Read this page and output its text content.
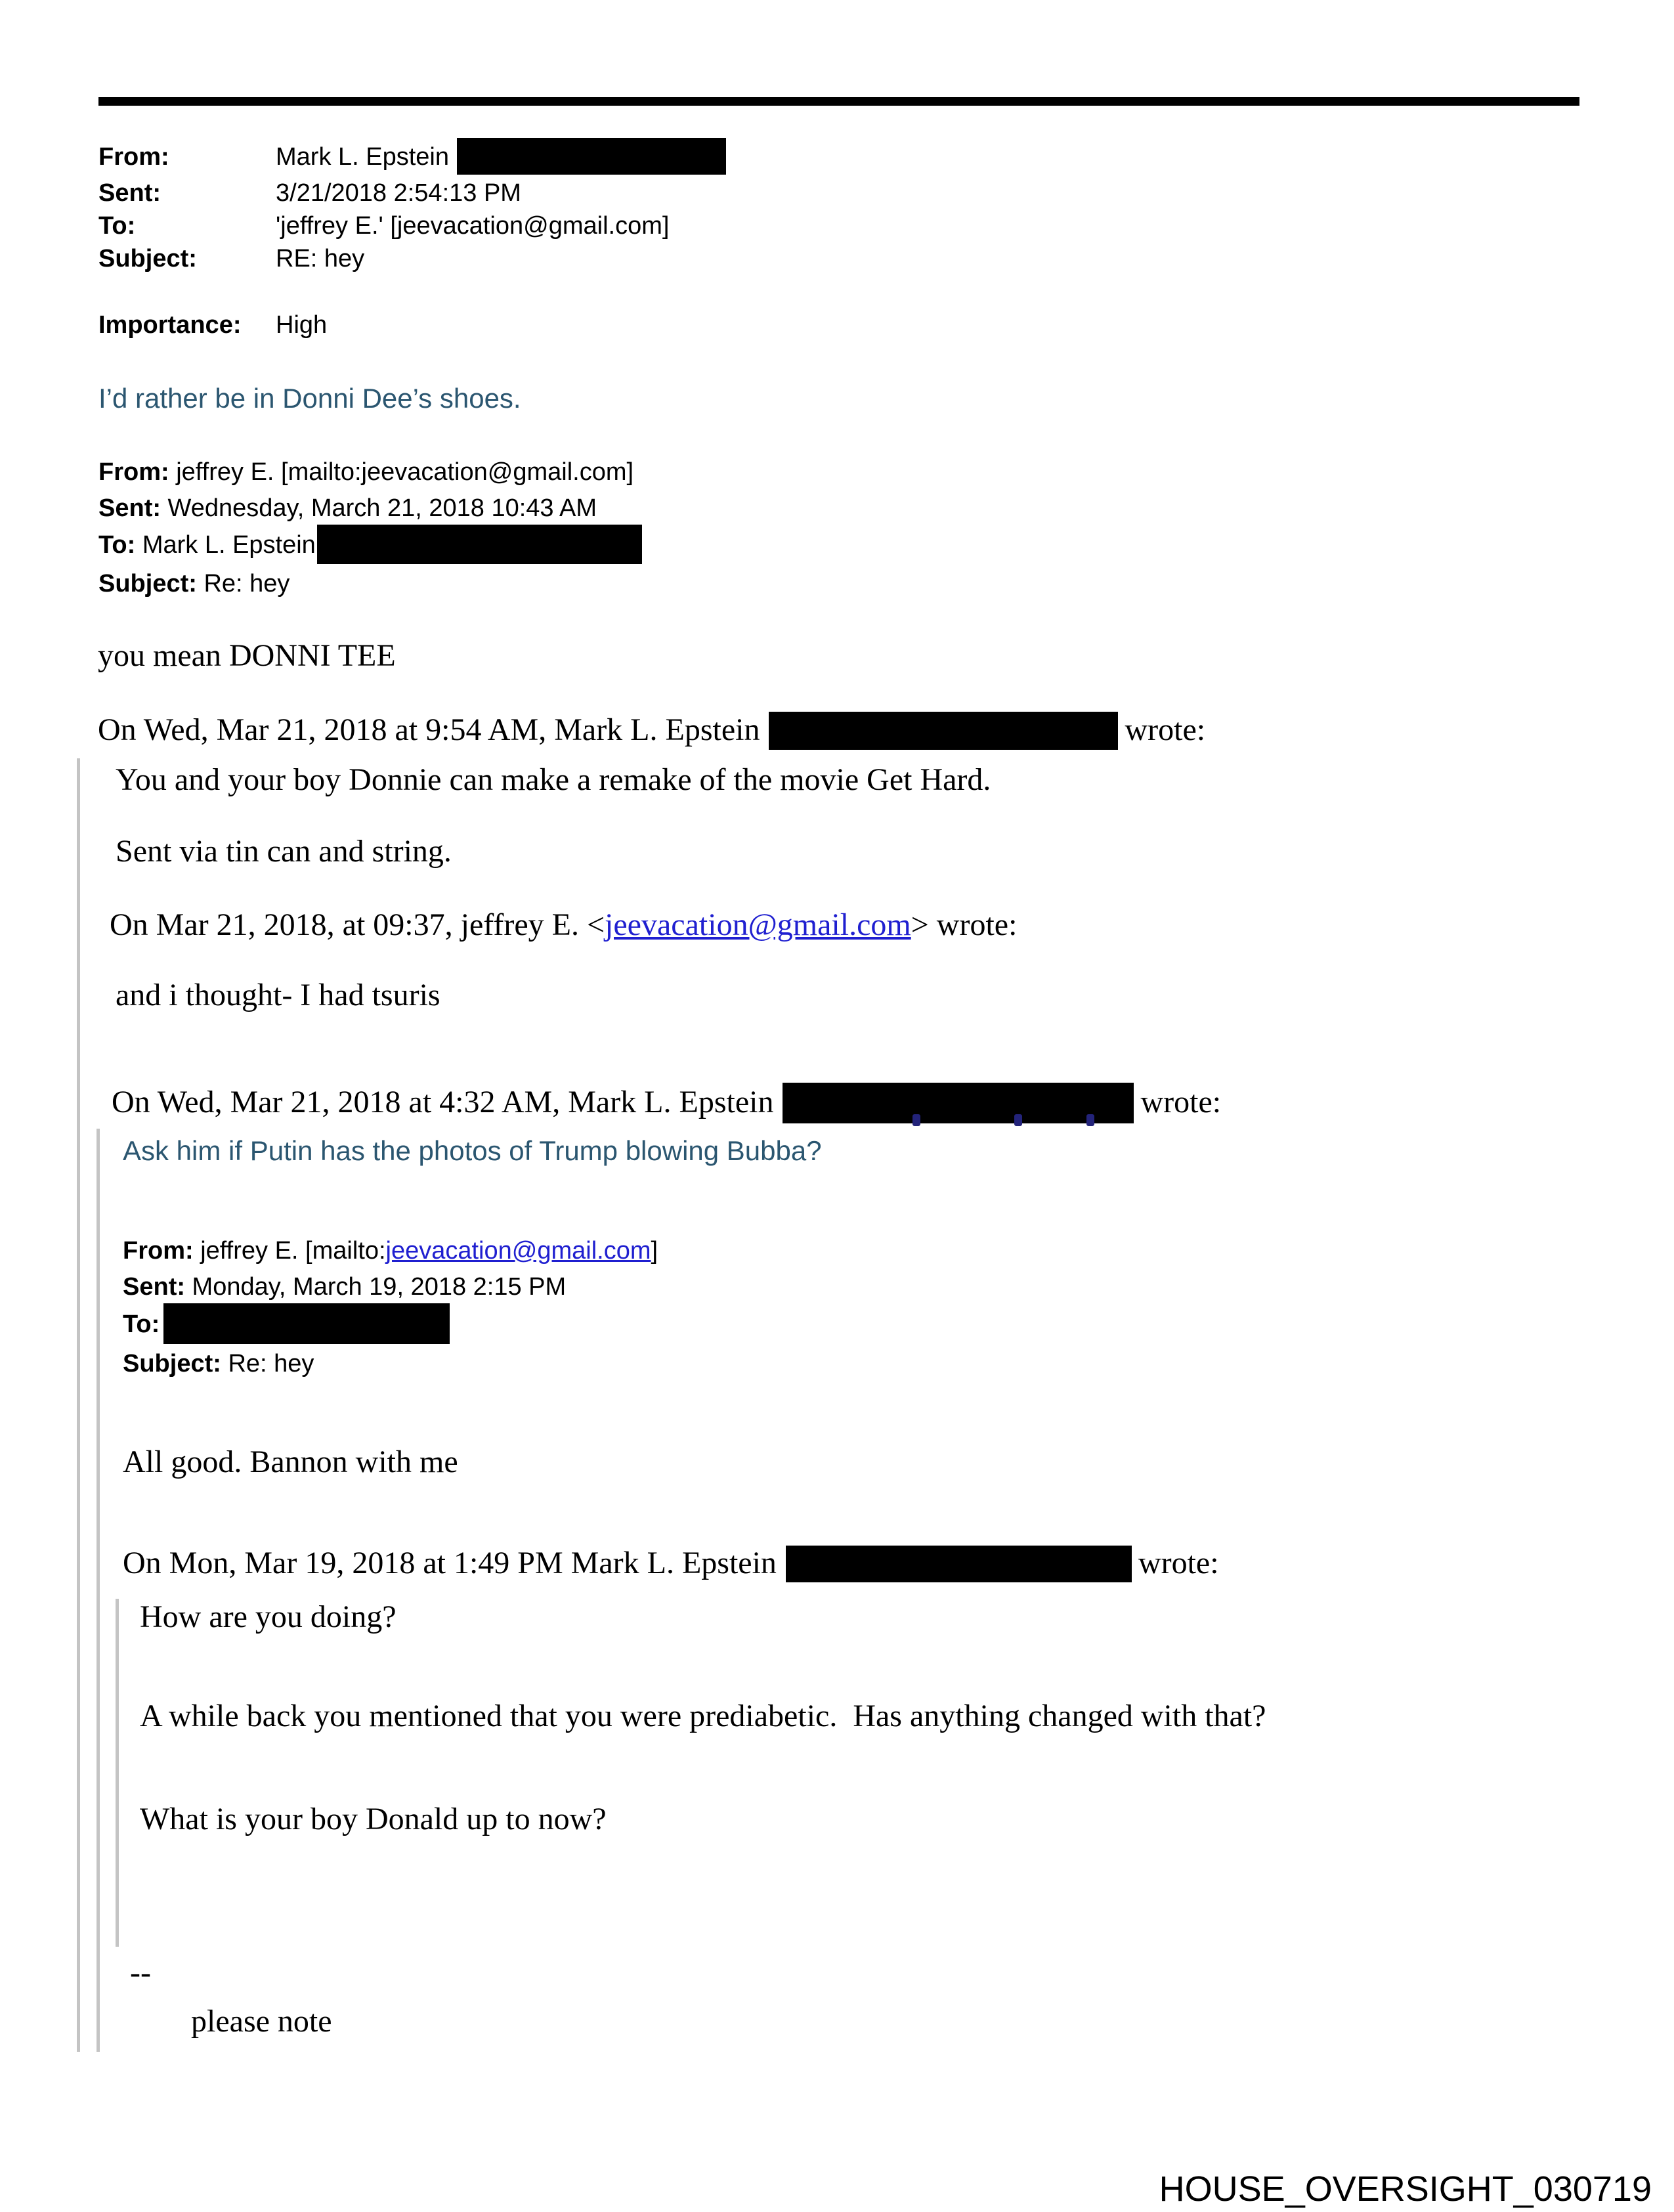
From:	Mark L. Epstein
Sent:	3/21/2018 2:54:13 PM
To:	'jeffrey E.' [jeevacation@gmail.com]
Subject:	RE: hey
Importance: High
I’d rather be in Donni Dee’s shoes.
From: jeffrey E. [mailto:jeevacation@gmail.com]
Sent: Wednesday, March 21, 2018 10:43 AM
To: Mark L. Epstein
Subject: Re: hey
you mean DONNI TEE
On Wed, Mar 21, 2018 at 9:54 AM, Mark L. Epstein	wrote:
You and your boy Donnie can make a remake of the movie Get Hard.
Sent via tin can and string.
On Mar 21, 2018, at 09:37, jeffrey E. <jeevacation@gmail.com> wrote:
and i thought- I had tsuris
On Wed, Mar 21, 2018 at 4:32 AM, Mark L. Epstein	wrote:
Ask him if Putin has the photos of Trump blowing Bubba?
From: jeffrey E. [mailto:jeevacation@gmail.com]
Sent: Monday, March 19, 2018 2:15 PM
To:
Subject: Re: hey
All good. Bannon with me
On Mon, Mar 19, 2018 at 1:49 PM Mark L. Epstein	wrote:
How are you doing?
A while back you mentioned that you were prediabetic.  Has anything changed with that?
What is your boy Donald up to now?
--
please note
HOUSE_OVERSIGHT_030719
